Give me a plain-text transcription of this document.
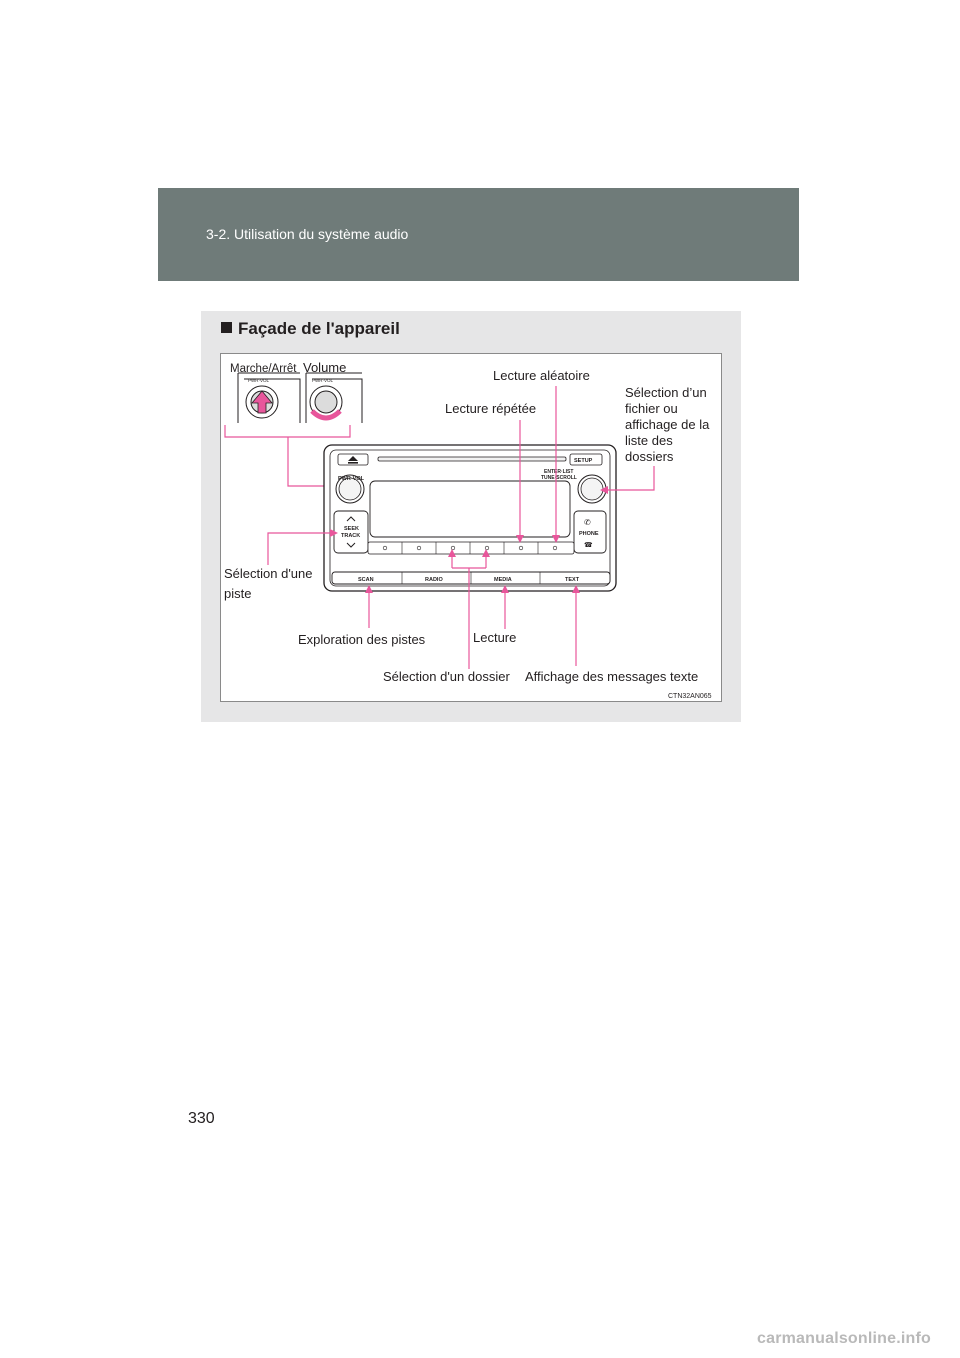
3-2. Utilisation du système audio
Façade de l'appareil
PWR·VOL	PWR·VOL
✆
☎
PWR·VOL
ENTER·LIST
TUNE·SCROLL
SETUP
SEEK
TRACK	PHONE
SCAN	RADIO	MEDIA	TEXT
CTN32AN065
Marche/Arrêt Volume
Lecture aléatoire
Lecture répétée
Sélection d’un
fichier ou
affichage de la
liste des
dossiers
Sélection d'une
piste
Exploration des pistes	Lecture
Sélection d'un dossier Affichage des messages texte
330
carmanualsonline.info
